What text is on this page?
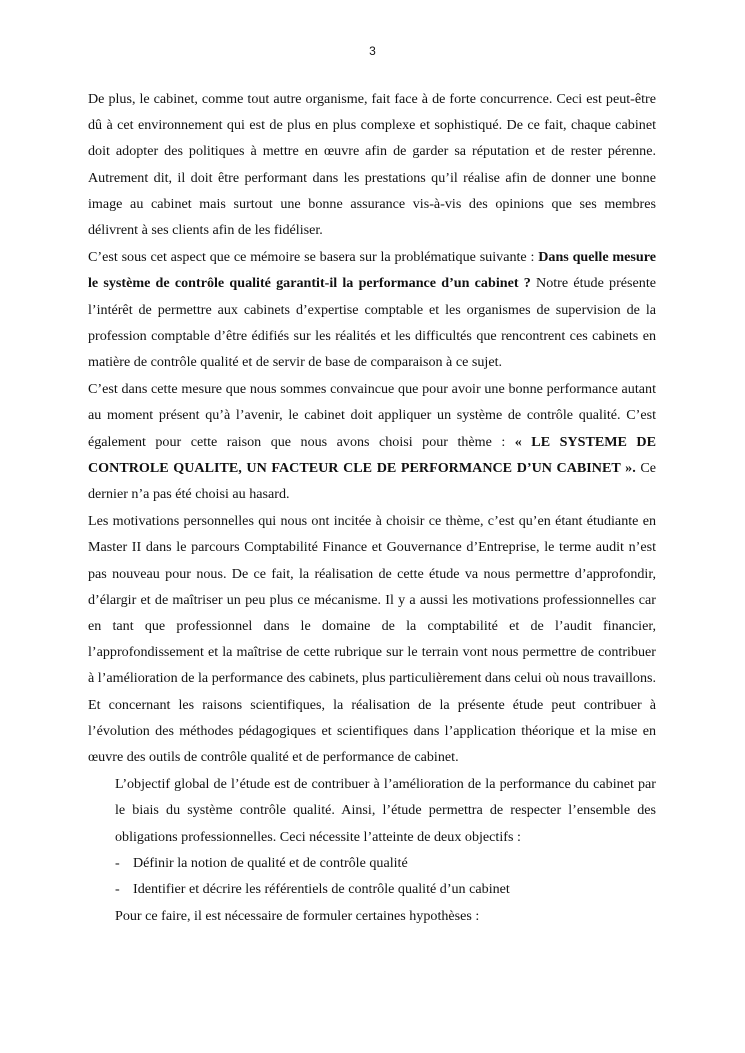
3

De plus, le cabinet, comme tout autre organisme, fait face à de forte concurrence. Ceci est peut-être dû à cet environnement qui est de plus en plus complexe et sophistiqué. De ce fait, chaque cabinet doit adopter des politiques à mettre en œuvre afin de garder sa réputation et de rester pérenne. Autrement dit, il doit être performant dans les prestations qu’il réalise afin de donner une bonne image au cabinet mais surtout une bonne assurance vis-à-vis des opinions que ses membres délivrent à ses clients afin de les fidéliser.

C’est sous cet aspect que ce mémoire se basera sur la problématique suivante : Dans quelle mesure le système de contrôle qualité garantit-il la performance d’un cabinet ? Notre étude présente l’intérêt de permettre aux cabinets d’expertise comptable et les organismes de supervision de la profession comptable d’être édifiés sur les réalités et les difficultés que rencontrent ces cabinets en matière de contrôle qualité et de servir de base de comparaison à ce sujet.

C’est dans cette mesure que nous sommes convaincue que pour avoir une bonne performance autant au moment présent qu’à l’avenir, le cabinet doit appliquer un système de contrôle qualité. C’est également pour cette raison que nous avons choisi pour thème : « LE SYSTEME DE CONTROLE QUALITE, UN FACTEUR CLE DE PERFORMANCE D’UN CABINET ». Ce dernier n’a pas été choisi au hasard.

Les motivations personnelles qui nous ont incitée à choisir ce thème, c’est qu’en étant étudiante en Master II dans le parcours Comptabilité Finance et Gouvernance d’Entreprise, le terme audit n’est pas nouveau pour nous. De ce fait, la réalisation de cette étude va nous permettre d’approfondir, d’élargir et de maîtriser un peu plus ce mécanisme. Il y a aussi les motivations professionnelles car en tant que professionnel dans le domaine de la comptabilité et de l’audit financier, l’approfondissement et la maîtrise de cette rubrique sur le terrain vont nous permettre de contribuer à l’amélioration de la performance des cabinets, plus particulièrement dans celui où nous travaillons. Et concernant les raisons scientifiques, la réalisation de la présente étude peut contribuer à l’évolution des méthodes pédagogiques et scientifiques dans l’application théorique et la mise en œuvre des outils de contrôle qualité et de performance de cabinet.

L’objectif global de l’étude est de contribuer à l’amélioration de la performance du cabinet par le biais du système contrôle qualité. Ainsi, l’étude permettra de respecter l’ensemble des obligations professionnelles. Ceci nécessite l’atteinte de deux objectifs :

- Définir la notion de qualité et de contrôle qualité
- Identifier et décrire les référentiels de contrôle qualité d’un cabinet

Pour ce faire, il est nécessaire de formuler certaines hypothèses :
